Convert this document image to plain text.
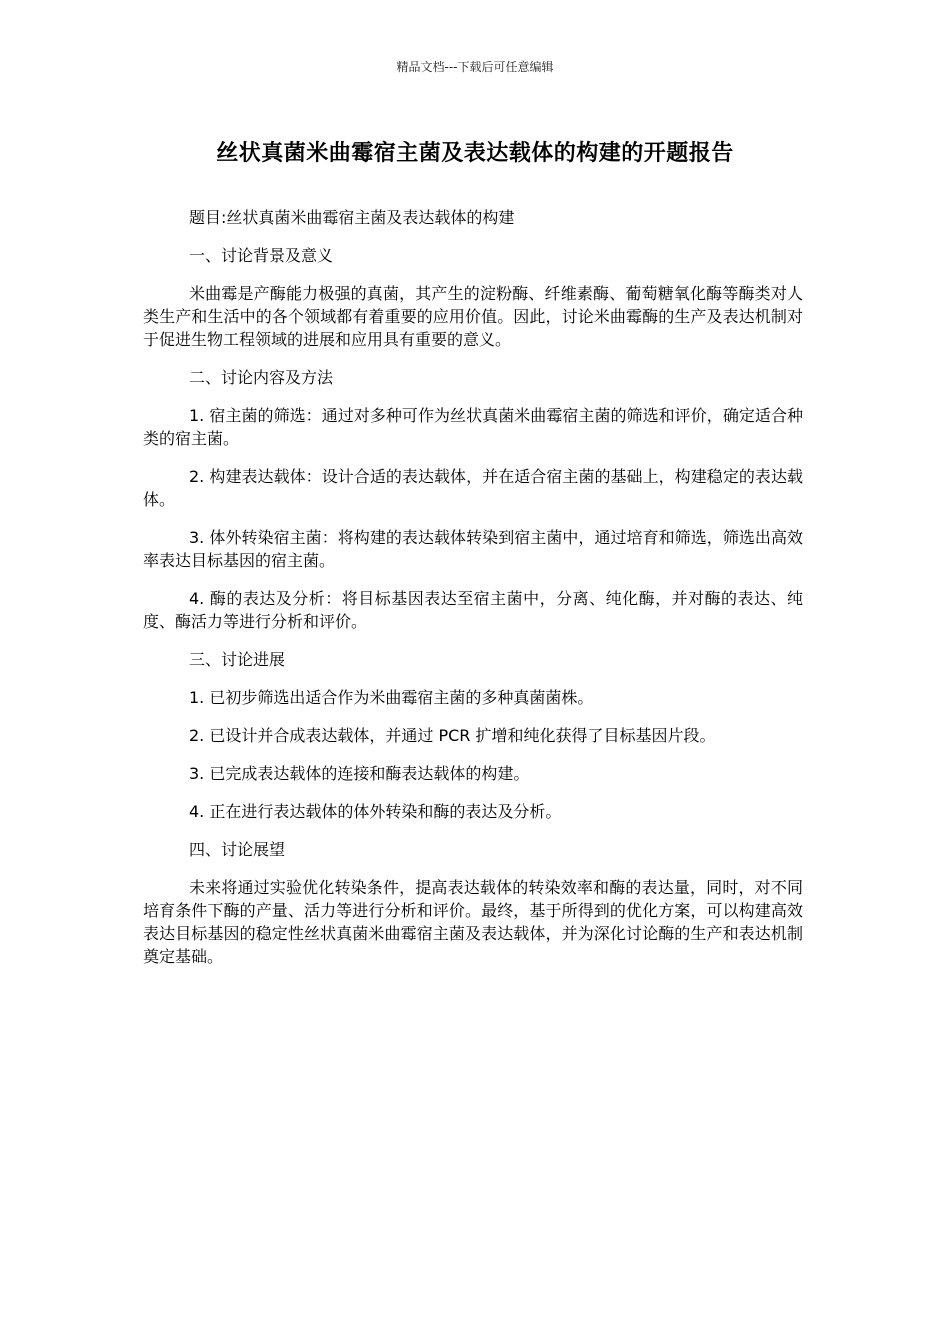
精品文档---下载后可任意编辑
丝状真菌米曲霉宿主菌及表达载体的构建的开题报告

题目:丝状真菌米曲霉宿主菌及表达载体的构建

一、讨论背景及意义

米曲霉是产酶能力极强的真菌，其产生的淀粉酶、纤维素酶、葡萄糖氧化酶等酶类对人类生产和生活中的各个领域都有着重要的应用价值。因此，讨论米曲霉酶的生产及表达机制对于促进生物工程领域的进展和应用具有重要的意义。

二、讨论内容及方法

1. 宿主菌的筛选：通过对多种可作为丝状真菌米曲霉宿主菌的筛选和评价，确定适合种类的宿主菌。

2. 构建表达载体：设计合适的表达载体，并在适合宿主菌的基础上，构建稳定的表达载体。

3. 体外转染宿主菌：将构建的表达载体转染到宿主菌中，通过培育和筛选，筛选出高效率表达目标基因的宿主菌。

4. 酶的表达及分析：将目标基因表达至宿主菌中，分离、纯化酶，并对酶的表达、纯度、酶活力等进行分析和评价。

三、讨论进展

1. 已初步筛选出适合作为米曲霉宿主菌的多种真菌菌株。

2. 已设计并合成表达载体，并通过 PCR 扩增和纯化获得了目标基因片段。

3. 已完成表达载体的连接和酶表达载体的构建。

4. 正在进行表达载体的体外转染和酶的表达及分析。

四、讨论展望

未来将通过实验优化转染条件，提高表达载体的转染效率和酶的表达量，同时，对不同培育条件下酶的产量、活力等进行分析和评价。最终，基于所得到的优化方案，可以构建高效表达目标基因的稳定性丝状真菌米曲霉宿主菌及表达载体，并为深化讨论酶的生产和表达机制奠定基础。
